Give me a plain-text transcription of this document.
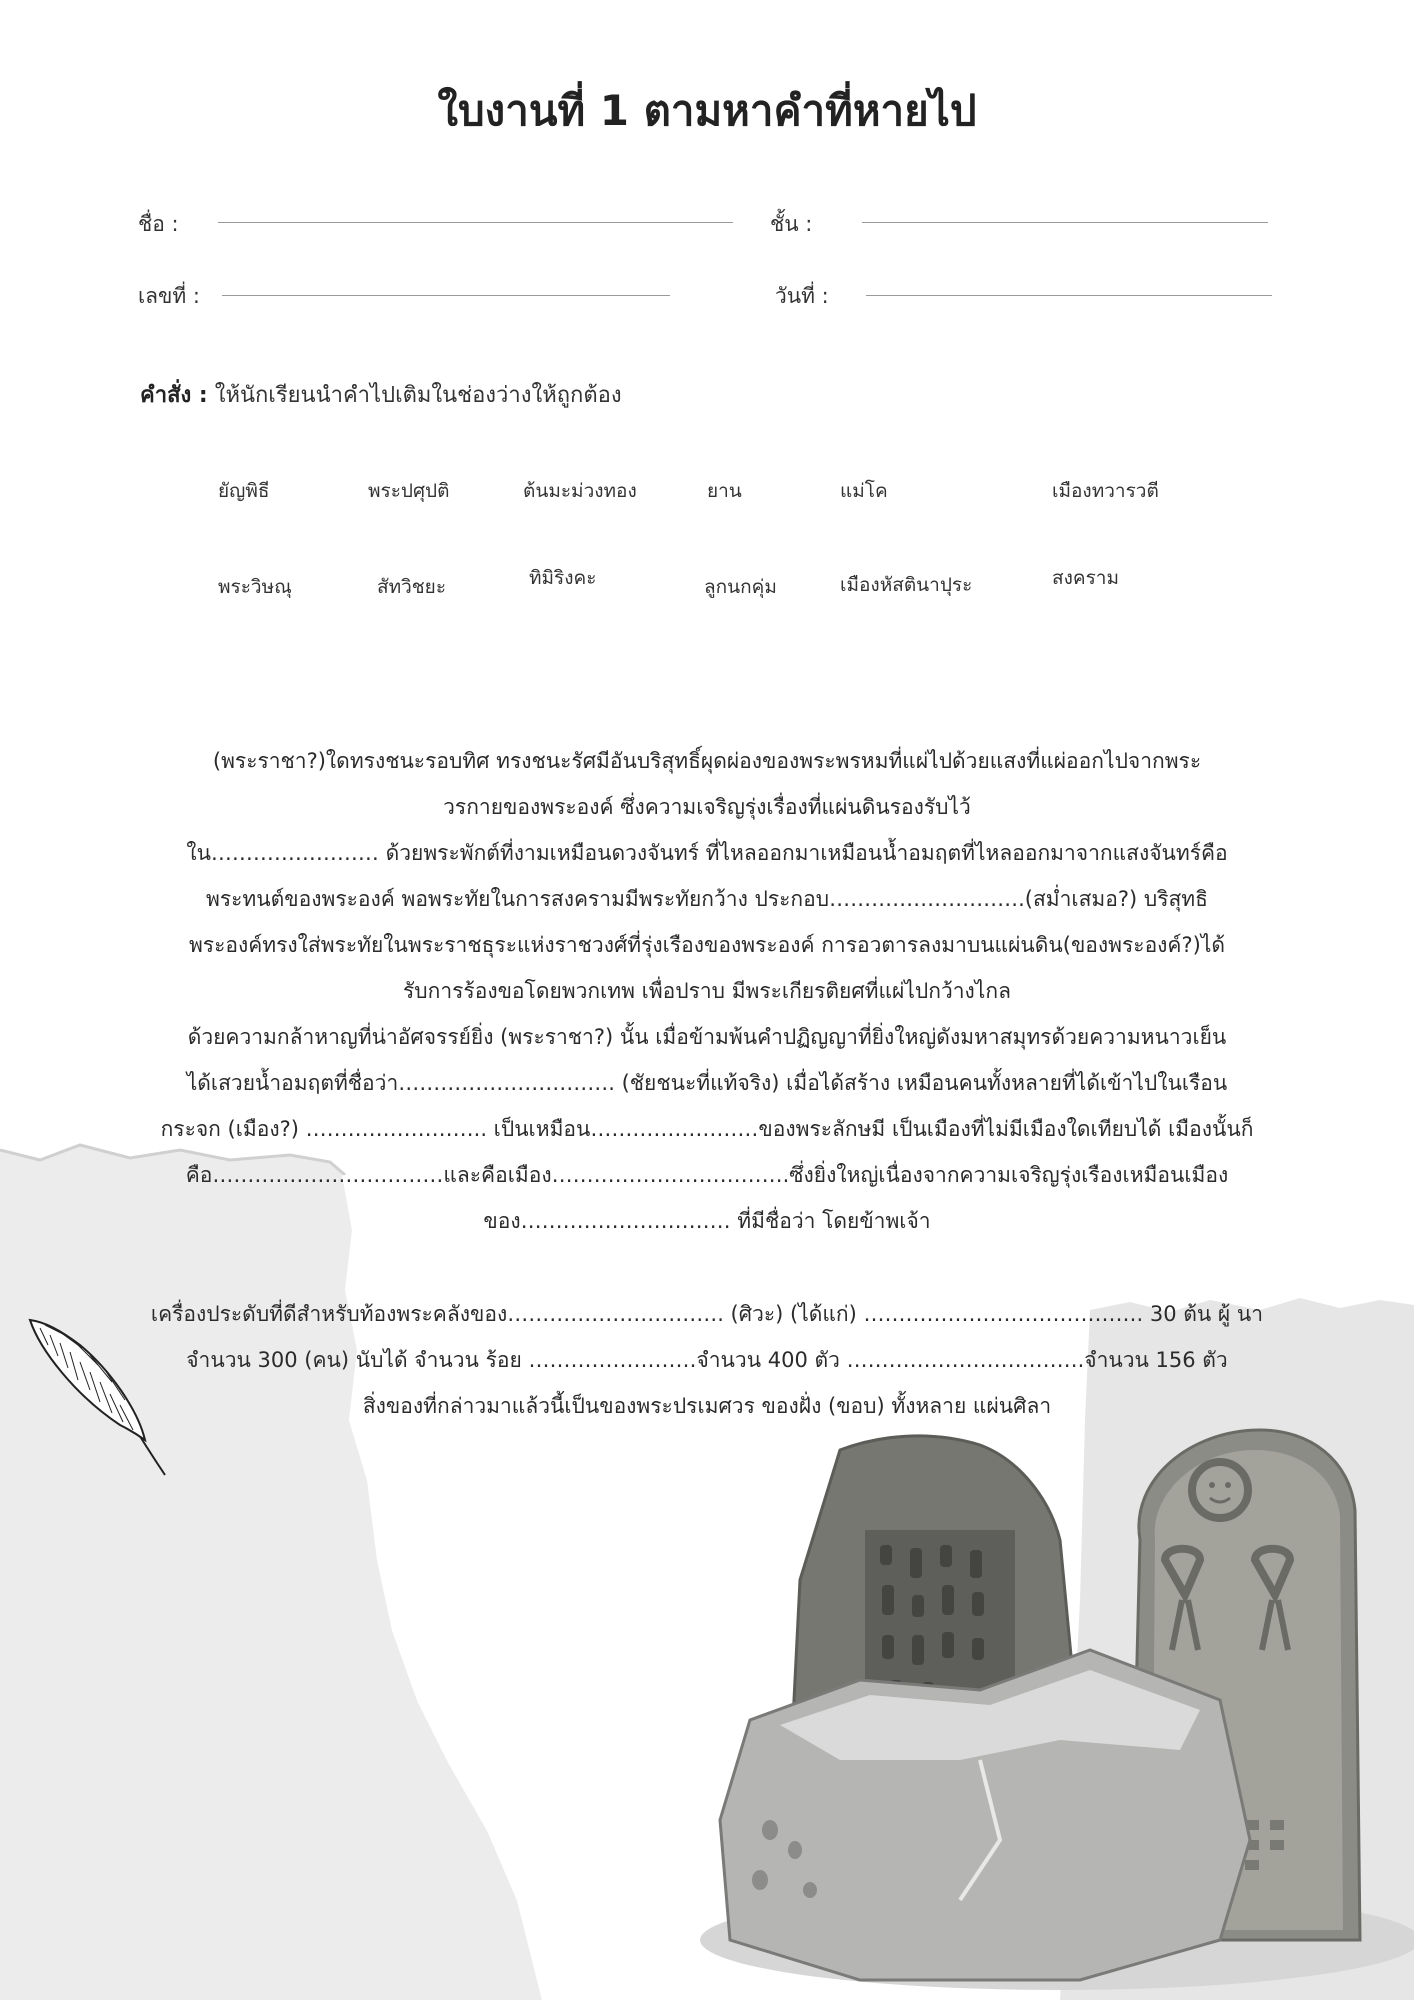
ใบงานที่ 1 ตามหาคำที่หายไป
ชื่อ :	ชั้น :
เลขที่ :	วันที่ :
คำสั่ง : ให้นักเรียนนำคำไปเติมในช่องว่างให้ถูกต้อง
ยัญพิธี	พระปศุปติ	ต้นมะม่วงทอง	ยาน	แม่โค	เมืองทวารวตี
พระวิษณุ	สัทวิชยะ	ทิมิริงคะ	ลูกนกคุ่ม	เมืองหัสตินาปุระ	สงคราม
(พระราชา?)ใดทรงชนะรอบทิศ ทรงชนะรัศมีอันบริสุทธิ์ผุดผ่องของพระพรหมที่แผ่ไปด้วยแสงที่แผ่ออกไปจากพระ
วรกายของพระองค์ ซึ่งความเจริญรุ่งเรื่องที่แผ่นดินรองรับไว้
ใน…………………… ด้วยพระพักต์ที่งามเหมือนดวงจันทร์ ที่ไหลออกมาเหมือนน้ำอมฤตที่ไหลออกมาจากแสงจันทร์คือ
พระทนต์ของพระองค์ พอพระทัยในการสงครามมีพระทัยกว้าง ประกอบ……………………….(สม่ำเสมอ?) บริสุทธิ
พระองค์ทรงใส่พระทัยในพระราชธุระแห่งราชวงศ์ที่รุ่งเรืองของพระองค์ การอวตารลงมาบนแผ่นดิน(ของพระองค์?)ได้
รับการร้องขอโดยพวกเทพ เพื่อปราบ มีพระเกียรติยศที่แผ่ไปกว้างไกล
ด้วยความกล้าหาญที่น่าอัศจรรย์ยิ่ง (พระราชา?) นั้น เมื่อข้ามพ้นคำปฏิญญาที่ยิ่งใหญ่ดังมหาสมุทรด้วยความหนาวเย็น
ได้เสวยน้ำอมฤตที่ชื่อว่า…………………………. (ชัยชนะที่แท้จริง) เมื่อได้สร้าง เหมือนคนทั้งหลายที่ได้เข้าไปในเรือน
กระจก (เมือง?) …………………….. เป็นเหมือน……………………ของพระลักษมี เป็นเมืองที่ไม่มีเมืองใดเทียบได้ เมืองนั้นก็
คือ……………………………และคือเมือง…………………………….ซึ่งยิ่งใหญ่เนื่องจากความเจริญรุ่งเรืองเหมือนเมือง
ของ………………………… ที่มีชื่อว่า โดยข้าพเจ้า
เครื่องประดับที่ดีสำหรับท้องพระคลังของ…………………………. (ศิวะ) (ได้แก่) …………………………………. 30 ต้น ผู้ นา
จำนวน 300 (คน) นับได้ จำนวน ร้อย ……………………จำนวน 400 ตัว …………………………….จำนวน 156 ตัว
สิ่งของที่กล่าวมาแล้วนี้เป็นของพระปรเมศวร ของฝั่ง (ขอบ) ทั้งหลาย แผ่นศิลา
